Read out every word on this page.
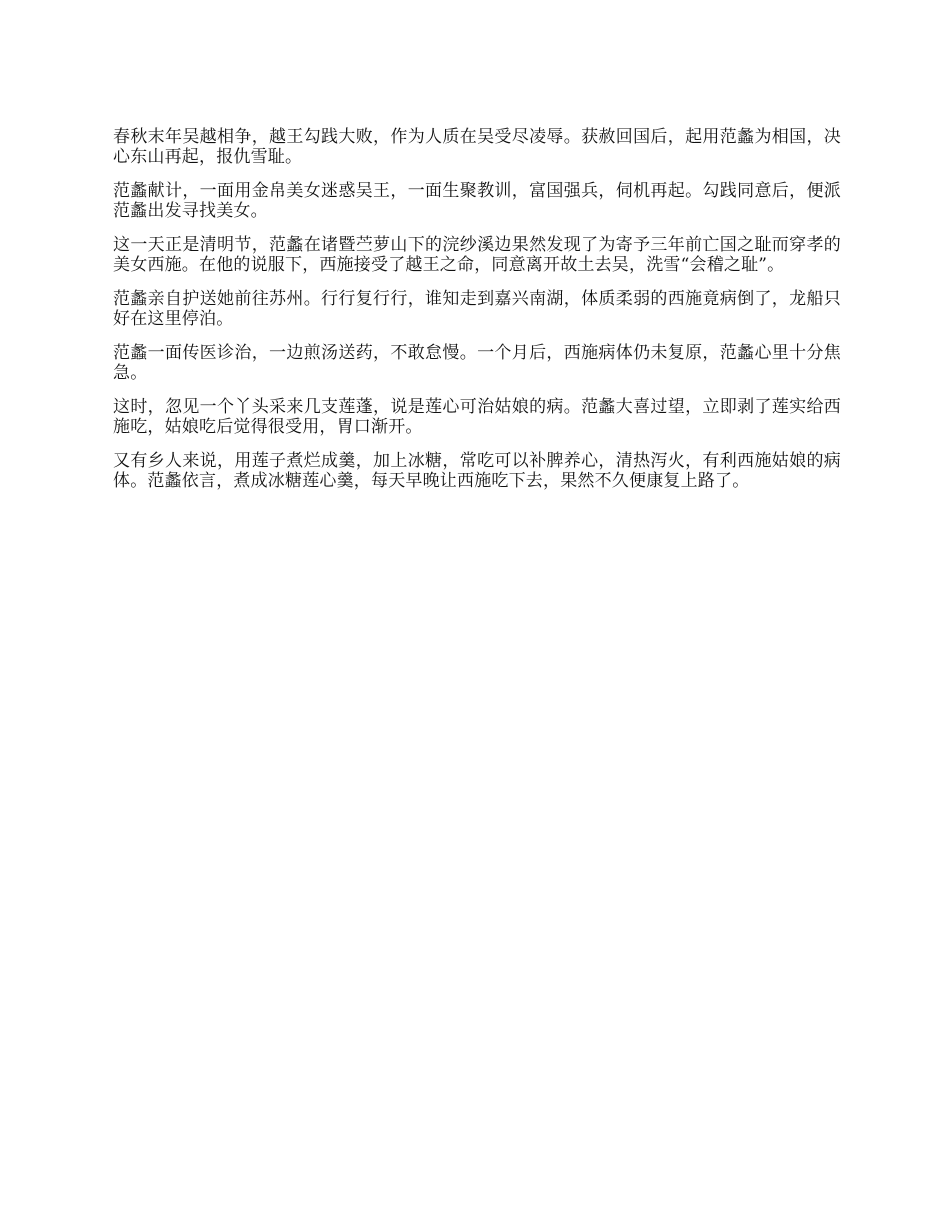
春秋末年吴越相争，越王勾践大败，作为人质在吴受尽凌辱。获赦回国后，起用范蠡为相国，决心东山再起，报仇雪耻。

范蠡献计，一面用金帛美女迷惑吴王，一面生聚教训，富国强兵，伺机再起。勾践同意后，便派范蠡出发寻找美女。

这一天正是清明节，范蠡在诸暨苎萝山下的浣纱溪边果然发现了为寄予三年前亡国之耻而穿孝的美女西施。在他的说服下，西施接受了越王之命，同意离开故土去吴，洗雪“会稽之耻”。

范蠡亲自护送她前往苏州。行行复行行，谁知走到嘉兴南湖，体质柔弱的西施竟病倒了，龙船只好在这里停泊。

范蠡一面传医诊治，一边煎汤送药，不敢怠慢。一个月后，西施病体仍未复原，范蠡心里十分焦急。

这时，忽见一个丫头采来几支莲蓬，说是莲心可治姑娘的病。范蠡大喜过望，立即剥了莲实给西施吃，姑娘吃后觉得很受用，胃口渐开。

又有乡人来说，用莲子煮烂成羹，加上冰糖，常吃可以补脾养心，清热泻火，有利西施姑娘的病体。范蠡依言，煮成冰糖莲心羹，每天早晚让西施吃下去，果然不久便康复上路了。
